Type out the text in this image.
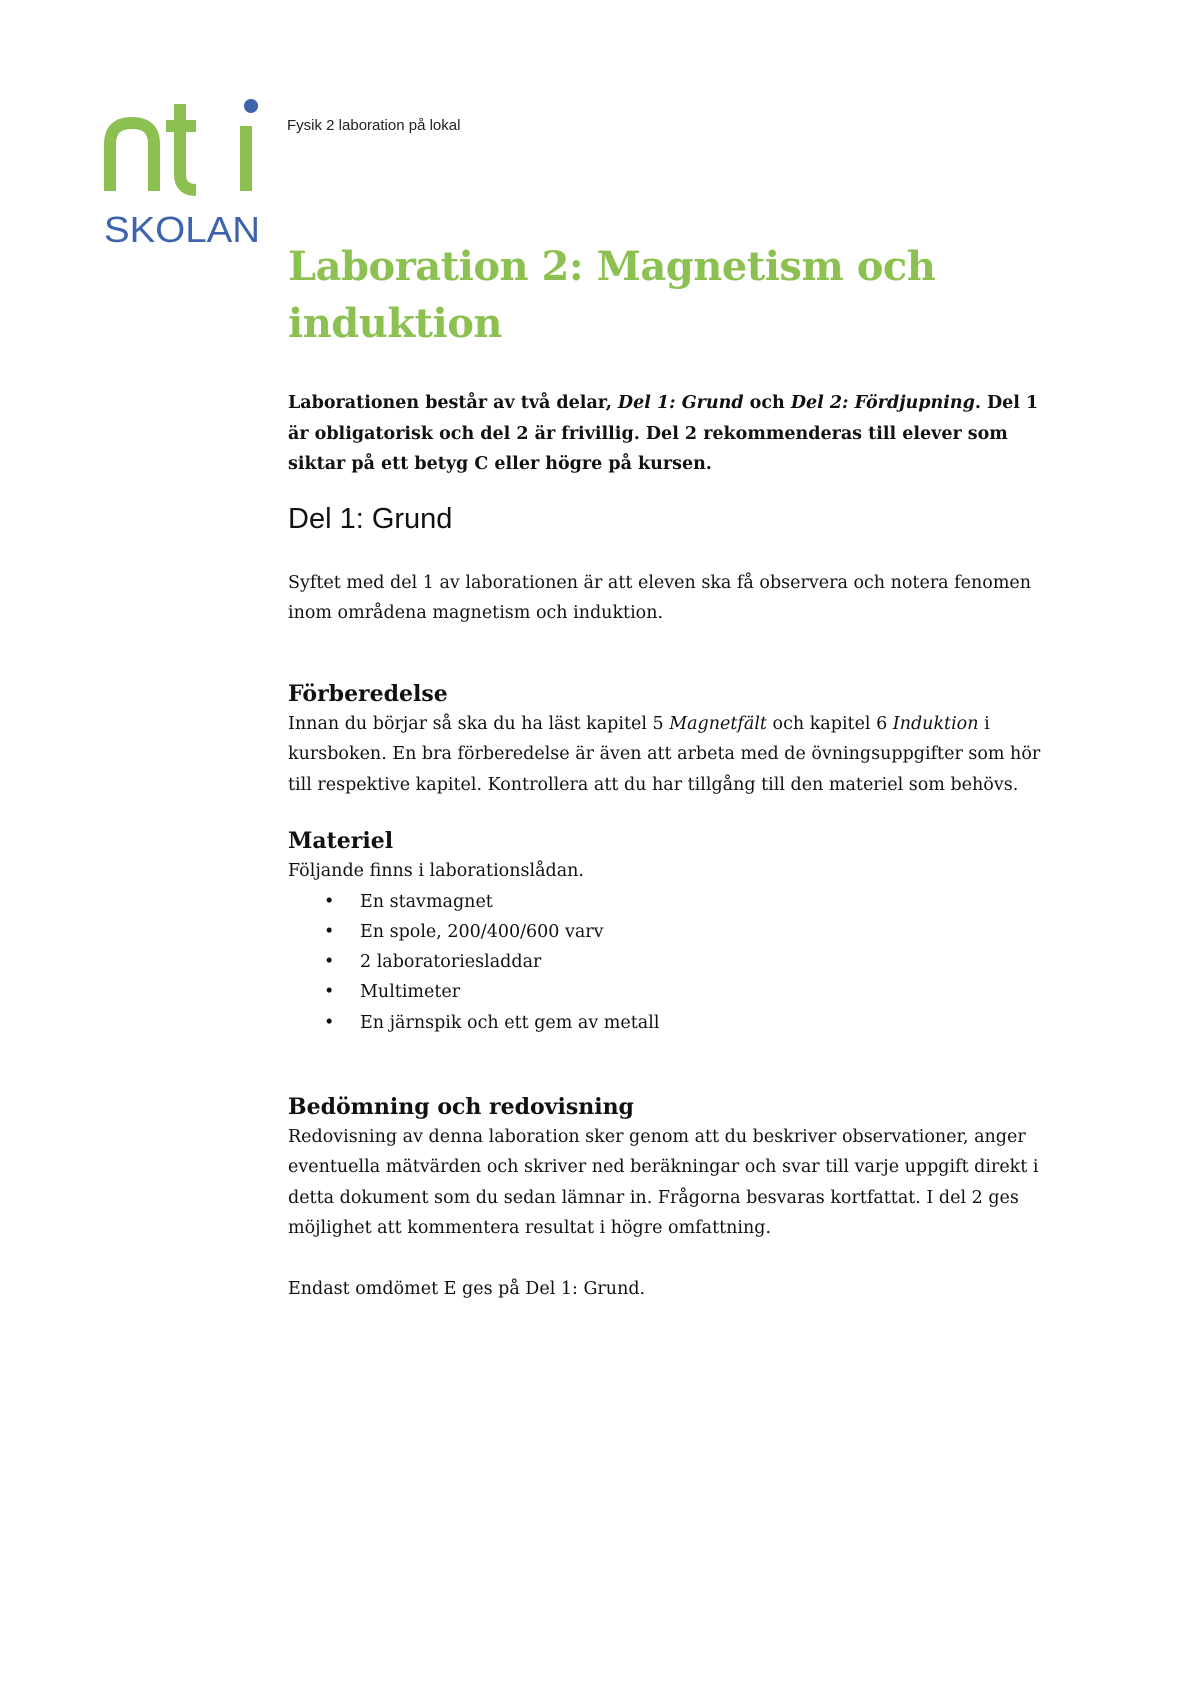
SKOLAN
Fysik 2 laboration på lokal
Laboration 2: Magnetism och induktion

Laborationen består av två delar, Del 1: Grund och Del 2: Fördjupning. Del 1 är obligatorisk och del 2 är frivillig. Del 2 rekommenderas till elever som siktar på ett betyg C eller högre på kursen.

Del 1: Grund

Syftet med del 1 av laborationen är att eleven ska få observera och notera fenomen inom områdena magnetism och induktion.

Förberedelse

Innan du börjar så ska du ha läst kapitel 5 Magnetfält och kapitel 6 Induktion i kursboken. En bra förberedelse är även att arbeta med de övningsuppgifter som hör till respektive kapitel. Kontrollera att du har tillgång till den materiel som behövs.

Materiel

Följande finns i laborationslådan.

• En stavmagnet
• En spole, 200/400/600 varv
• 2 laboratoriesladdar
• Multimeter
• En järnspik och ett gem av metall
Bedömning och redovisning

Redovisning av denna laboration sker genom att du beskriver observationer, anger eventuella mätvärden och skriver ned beräkningar och svar till varje uppgift direkt i detta dokument som du sedan lämnar in. Frågorna besvaras kortfattat. I del 2 ges möjlighet att kommentera resultat i högre omfattning.

Endast omdömet E ges på Del 1: Grund.
